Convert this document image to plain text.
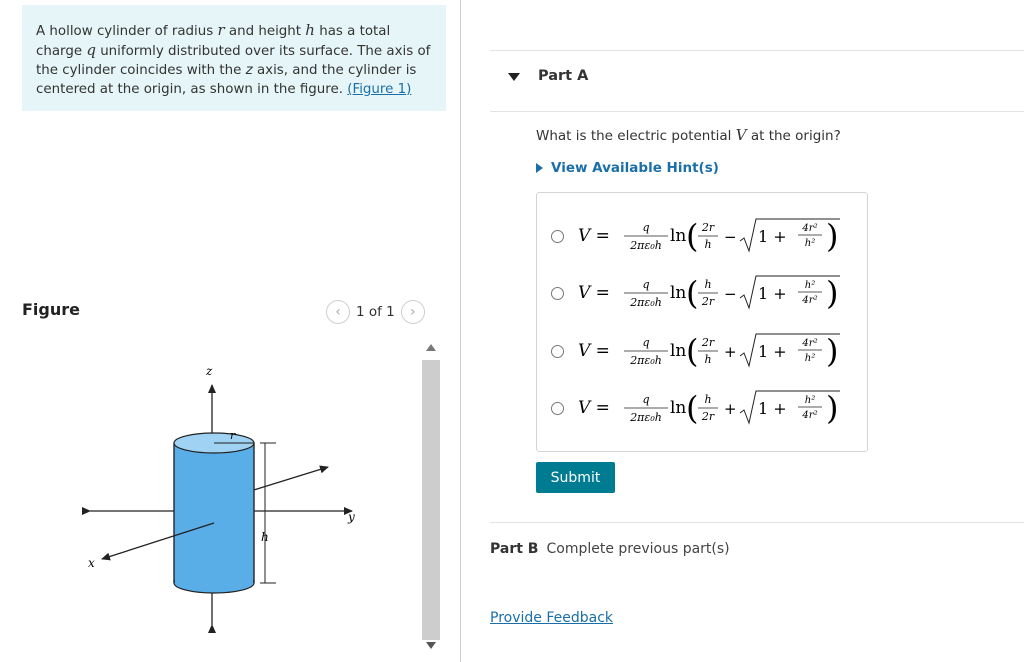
A hollow cylinder of radius r and height h has a total charge q uniformly distributed over its surface. The axis of the cylinder coincides with the z axis, and the cylinder is centered at the origin, as shown in the figure. (Figure 1)
Figure	‹ 1 of 1 ›
z
y
x
r
h
Part A
What is the electric potential V at the origin?
View Available Hint(s)
V =	q
2πε₀h ln ( 2r
h − 1 + 4r²
h² )
V =	q
2πε₀h ln ( h
2r − 1 + h²
4r² )
V =	q
2πε₀h ln ( 2r
h + 1 + 4r²
h² )
V =	q
2πε₀h ln ( h
2r + 1 + h²
4r² )
Submit
Part B Complete previous part(s)
Provide Feedback
